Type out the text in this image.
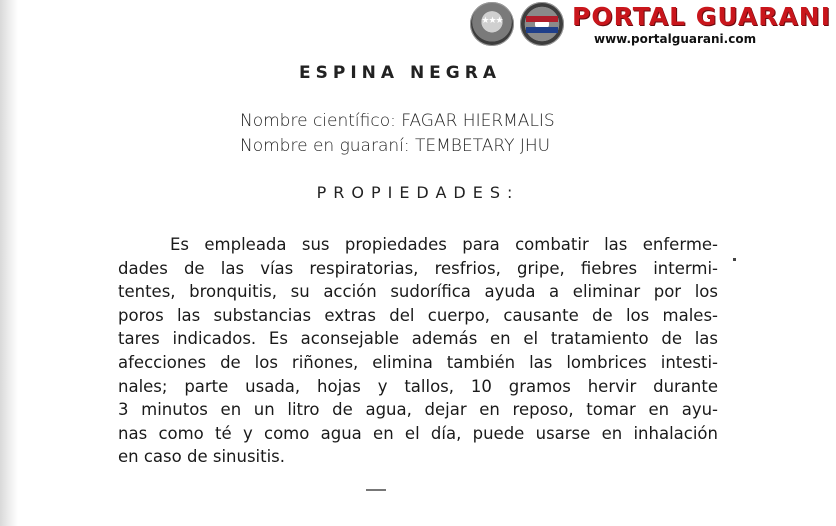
★★★	PORTAL GUARANI
www.portalguarani.com
ESPINA NEGRA
Nombre científico: FAGAR HIERMALIS
Nombre en guaraní: TEMBETARY JHU
PROPIEDADES:
Es empleada sus propiedades para combatir las enferme-
dades de las vías respiratorias, resfrios, gripe, fiebres intermi-
tentes, bronquitis, su acción sudorífica ayuda a eliminar por los
poros las substancias extras del cuerpo, causante de los males-
tares indicados. Es aconsejable además en el tratamiento de las
afecciones de los riñones, elimina también las lombrices intesti-
nales; parte usada, hojas y tallos, 10 gramos hervir durante
3 minutos en un litro de agua, dejar en reposo, tomar en ayu-
nas como té y como agua en el día, puede usarse en inhalación
en caso de sinusitis.
